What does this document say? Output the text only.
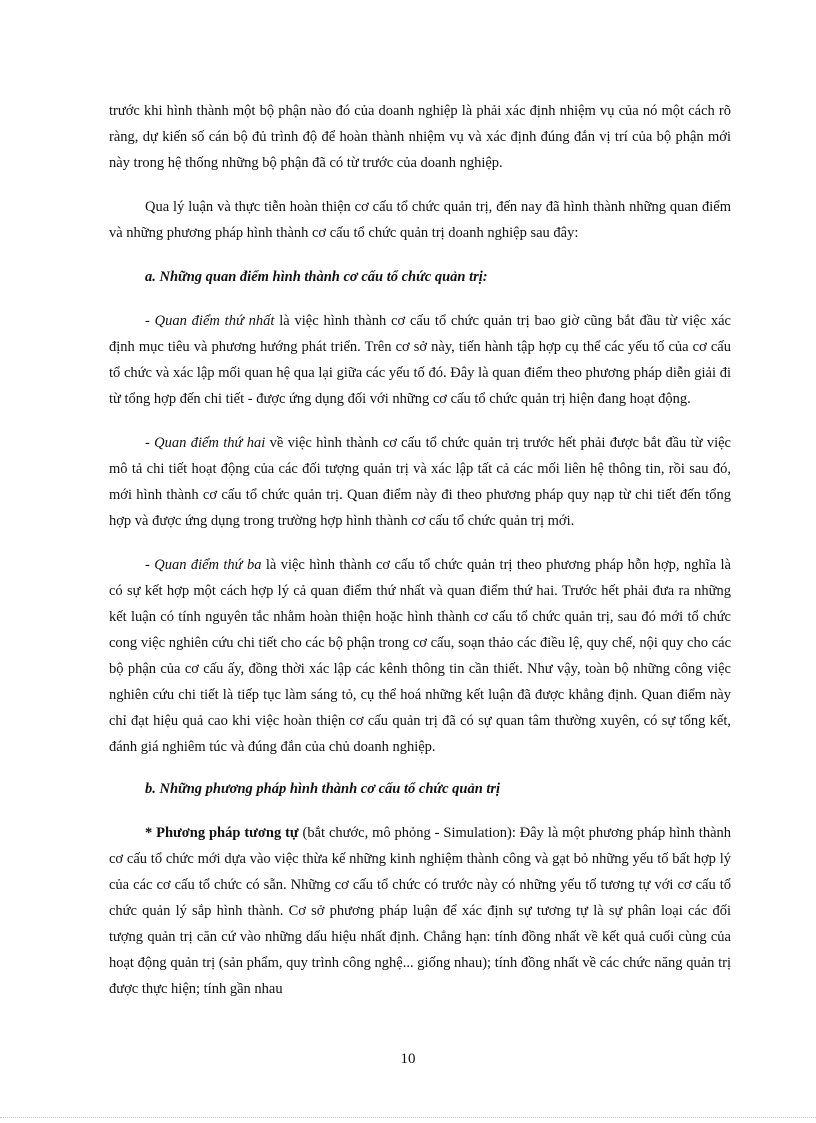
trước khi hình thành một bộ phận nào đó của doanh nghiệp là phải xác định nhiệm vụ của nó một cách rõ ràng, dự kiến số cán bộ đủ trình độ để hoàn thành nhiệm vụ và xác định đúng đắn vị trí của bộ phận mới này trong hệ thống những bộ phận đã có từ trước của doanh nghiệp.

Qua lý luận và thực tiễn hoàn thiện cơ cấu tổ chức quản trị, đến nay đã hình thành những quan điểm và những phương pháp hình thành cơ cấu tổ chức quản trị doanh nghiệp sau đây:

a. Những quan điểm hình thành cơ cấu tổ chức quản trị:

- Quan điểm thứ nhất là việc hình thành cơ cấu tổ chức quản trị bao giờ cũng bắt đầu từ việc xác định mục tiêu và phương hướng phát triển. Trên cơ sở này, tiến hành tập hợp cụ thể các yếu tố của cơ cấu tổ chức và xác lập mối quan hệ qua lại giữa các yếu tố đó. Đây là quan điểm theo phương pháp diễn giải đi từ tổng hợp đến chi tiết - được ứng dụng đối với những cơ cấu tổ chức quản trị hiện đang hoạt động.

- Quan điểm thứ hai về việc hình thành cơ cấu tổ chức quản trị trước hết phải được bắt đầu từ việc mô tả chi tiết hoạt động của các đối tượng quản trị và xác lập tất cả các mối liên hệ thông tin, rồi sau đó, mới hình thành cơ cấu tổ chức quản trị. Quan điểm này đi theo phương pháp quy nạp từ chi tiết đến tổng hợp và được ứng dụng trong trường hợp hình thành cơ cấu tổ chức quản trị mới.

- Quan điểm thứ ba là việc hình thành cơ cấu tổ chức quản trị theo phương pháp hỗn hợp, nghĩa là có sự kết hợp một cách hợp lý cả quan điểm thứ nhất và quan điểm thứ hai. Trước hết phải đưa ra những kết luận có tính nguyên tắc nhằm hoàn thiện hoặc hình thành cơ cấu tổ chức quản trị, sau đó mới tổ chức cong việc nghiên cứu chi tiết cho các bộ phận trong cơ cấu, soạn thảo các điều lệ, quy chế, nội quy cho các bộ phận của cơ cấu ấy, đồng thời xác lập các kênh thông tin cần thiết. Như vậy, toàn bộ những công việc nghiên cứu chi tiết là tiếp tục làm sáng tỏ, cụ thể hoá những kết luận đã được khẳng định. Quan điểm này chỉ đạt hiệu quả cao khi việc hoàn thiện cơ cấu quản trị đã có sự quan tâm thường xuyên, có sự tổng kết, đánh giá nghiêm túc và đúng đắn của chủ doanh nghiệp.

b. Những phương pháp hình thành cơ cấu tổ chức quản trị

* Phương pháp tương tự (bắt chước, mô phỏng - Simulation): Đây là một phương pháp hình thành cơ cấu tổ chức mới dựa vào việc thừa kế những kinh nghiệm thành công và gạt bỏ những yếu tố bất hợp lý của các cơ cấu tổ chức có sẵn. Những cơ cấu tổ chức có trước này có những yếu tố tương tự với cơ cấu tổ chức quản lý sắp hình thành. Cơ sở phương pháp luận để xác định sự tương tự là sự phân loại các đối tượng quản trị căn cứ vào những dấu hiệu nhất định. Chẳng hạn: tính đồng nhất về kết quả cuối cùng của hoạt động quản trị (sản phẩm, quy trình công nghệ... giống nhau); tính đồng nhất về các chức năng quản trị được thực hiện; tính gần nhau

10
